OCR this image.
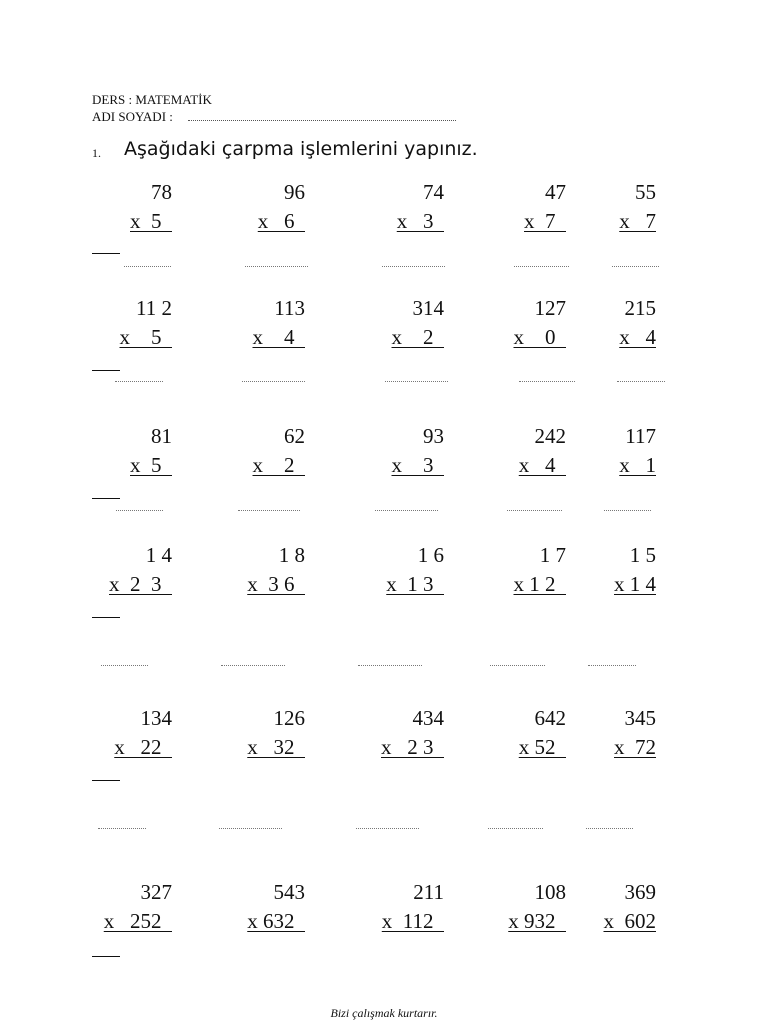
DERS : MATEMATİK
ADI SOYADI :
1. Aşağıdaki çarpma işlemlerini yapınız.
78
x  5
96
x   6
74
x   3
47
x  7
55
x   7
11 2
x    5
113
x    4
314
x    2
127
x    0
215
x   4
81
x  5
62
x    2
93
x    3
242
x   4
117
x   1
1 4
x  2  3
1 8
x  3 6
1 6
x  1 3
1 7
x 1 2
1 5
x 1 4
134
x   22
126
x   32
434
x   2 3
642
x 52
345
x  72
327
x   252
543
x 632
211
x  112
108
x 932
369
x  602
Bizi çalışmak kurtarır.
